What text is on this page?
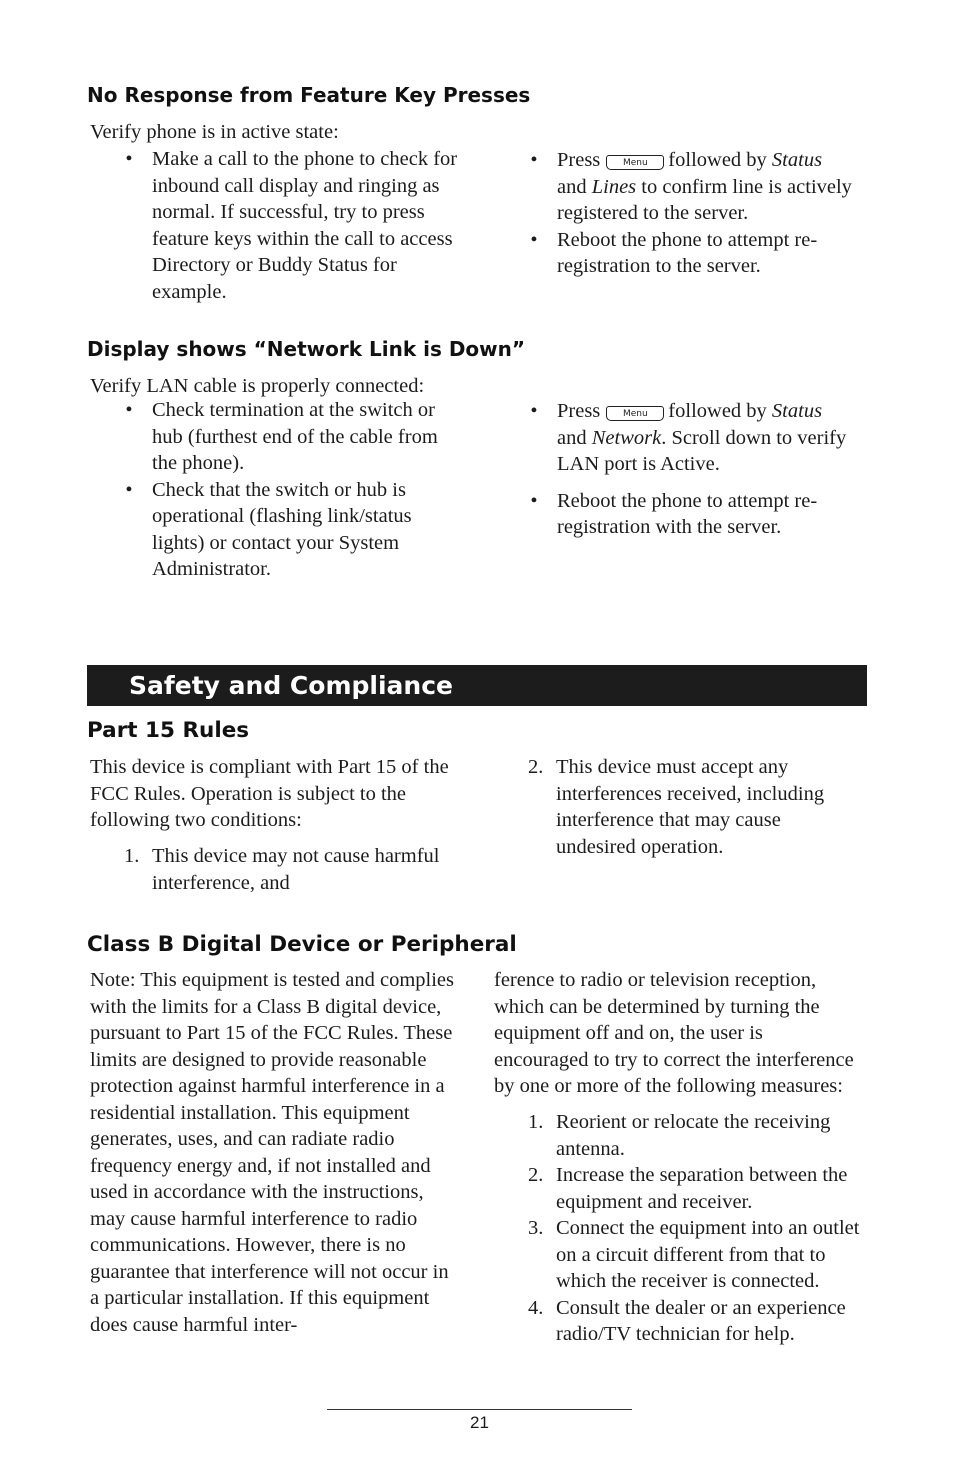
No Response from Feature Key Presses
Verify phone is in active state:
• Make a call to the phone to check for inbound call display and ringing as normal. If successful, try to press feature keys within the call to access Directory or Buddy Status for example.
• Press	Menu followed by Status
and Lines to confirm line is actively registered to the server.
• Reboot the phone to attempt re-registration to the server.
Display shows “Network Link is Down”
Verify LAN cable is properly connected:
• Check termination at the switch or hub (furthest end of the cable from the phone).
• Check that the switch or hub is operational (flashing link/status lights) or contact your System Administrator.
• Press	Menu followed by Status
and Network. Scroll down to verify LAN port is Active.
• Reboot the phone to attempt re-registration with the server.
Safety and Compliance
Part 15 Rules
This device is compliant with Part 15 of the FCC Rules. Operation is subject to the following two conditions:
1. This device may not cause harmful interference, and
2. This device must accept any interferences received, including interference that may cause undesired operation.
Class B Digital Device or Peripheral
Note: This equipment is tested and complies with the limits for a Class B digital device, pursuant to Part 15 of the FCC Rules. These limits are designed to provide reasonable protection against harmful interference in a residential installation. This equipment generates, uses, and can radiate radio frequency energy and, if not installed and used in accordance with the instructions, may cause harmful interference to radio communications. However, there is no guarantee that interference will not occur in a particular installation. If this equipment does cause harmful inter-
ference to radio or television reception, which can be determined by turning the equipment off and on, the user is encouraged to try to correct the interference by one or more of the following measures:
1. Reorient or relocate the receiving antenna.
2. Increase the separation between the equipment and receiver.
3. Connect the equipment into an outlet on a circuit different from that to which the receiver is connected.
4. Consult the dealer or an experience radio/TV technician for help.
21
